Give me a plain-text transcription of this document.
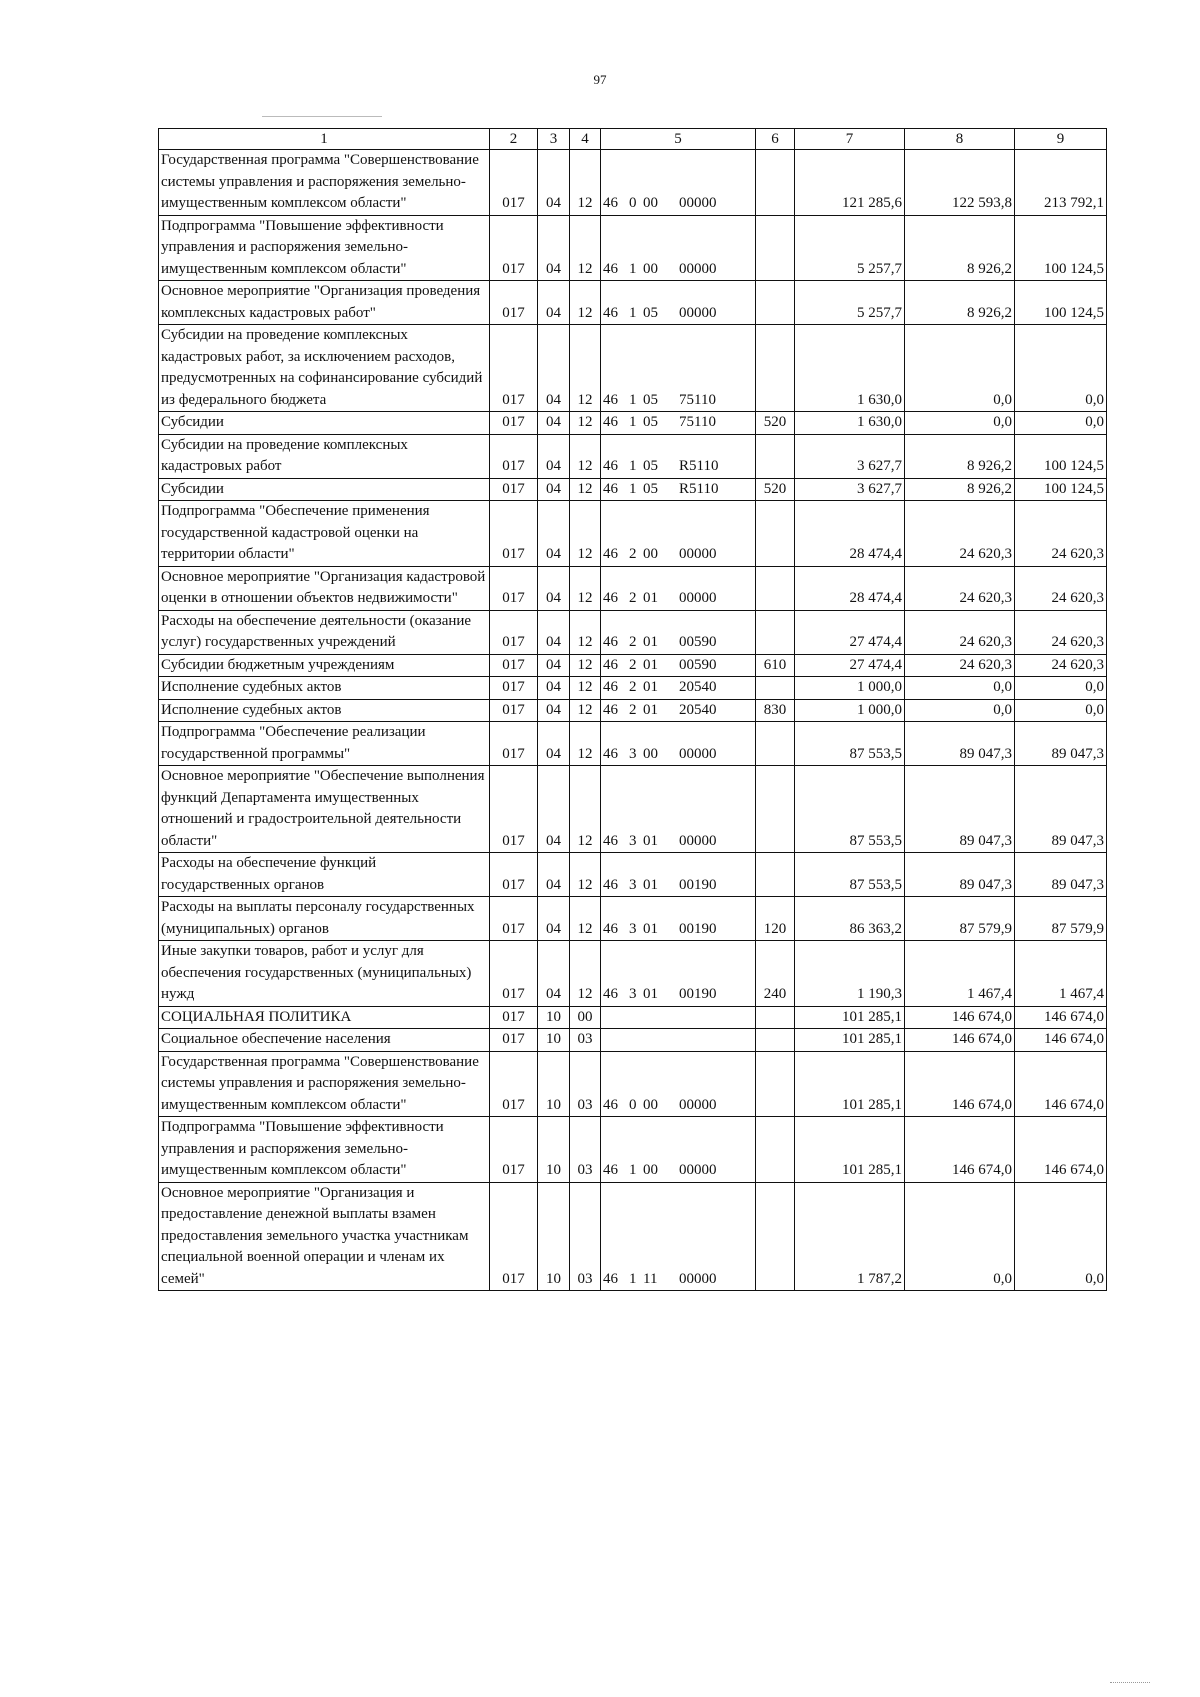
97
1	2	3	4	5	6	7	8	9
Государственная программа "Совершенствование системы управления и распоряжения земельно-имущественным комплексом области"	017	04	12	46 0 00 00000		121 285,6	122 593,8	213 792,1
Подпрограмма "Повышение эффективности управления и распоряжения земельно-имущественным комплексом области"	017	04	12	46 1 00 00000		5 257,7	8 926,2	100 124,5
Основное мероприятие "Организация проведения комплексных кадастровых работ"	017	04	12	46 1 05 00000		5 257,7	8 926,2	100 124,5
Субсидии на проведение комплексных кадастровых работ, за исключением расходов, предусмотренных на софинансирование субсидий из федерального бюджета	017	04	12	46 1 05 75110		1 630,0	0,0	0,0
Субсидии	017	04	12	46 1 05 75110	520	1 630,0	0,0	0,0
Субсидии на проведение комплексных кадастровых работ	017	04	12	46 1 05 R5110		3 627,7	8 926,2	100 124,5
Субсидии	017	04	12	46 1 05 R5110	520	3 627,7	8 926,2	100 124,5
Подпрограмма "Обеспечение применения государственной кадастровой оценки на территории области"	017	04	12	46 2 00 00000		28 474,4	24 620,3	24 620,3
Основное мероприятие "Организация кадастровой оценки в отношении объектов недвижимости"	017	04	12	46 2 01 00000		28 474,4	24 620,3	24 620,3
Расходы на обеспечение деятельности (оказание услуг) государственных учреждений	017	04	12	46 2 01 00590		27 474,4	24 620,3	24 620,3
Субсидии бюджетным учреждениям	017	04	12	46 2 01 00590	610	27 474,4	24 620,3	24 620,3
Исполнение судебных актов	017	04	12	46 2 01 20540		1 000,0	0,0	0,0
Исполнение судебных актов	017	04	12	46 2 01 20540	830	1 000,0	0,0	0,0
Подпрограмма "Обеспечение реализации государственной программы"	017	04	12	46 3 00 00000		87 553,5	89 047,3	89 047,3
Основное мероприятие "Обеспечение выполнения функций Департамента имущественных отношений и градостроительной деятельности области"	017	04	12	46 3 01 00000		87 553,5	89 047,3	89 047,3
Расходы на обеспечение функций государственных органов	017	04	12	46 3 01 00190		87 553,5	89 047,3	89 047,3
Расходы на выплаты персоналу государственных (муниципальных) органов	017	04	12	46 3 01 00190	120	86 363,2	87 579,9	87 579,9
Иные закупки товаров, работ и услуг для обеспечения государственных (муниципальных) нужд	017	04	12	46 3 01 00190	240	1 190,3	1 467,4	1 467,4
СОЦИАЛЬНАЯ ПОЛИТИКА	017	10	00			101 285,1	146 674,0	146 674,0
Социальное обеспечение населения	017	10	03			101 285,1	146 674,0	146 674,0
Государственная программа "Совершенствование системы управления и распоряжения земельно-имущественным комплексом области"	017	10	03	46 0 00 00000		101 285,1	146 674,0	146 674,0
Подпрограмма "Повышение эффективности управления и распоряжения земельно-имущественным комплексом области"	017	10	03	46 1 00 00000		101 285,1	146 674,0	146 674,0
Основное мероприятие "Организация и предоставление денежной выплаты взамен предоставления земельного участка участникам специальной военной операции и членам их семей"	017	10	03	46 1 11 00000		1 787,2	0,0	0,0
